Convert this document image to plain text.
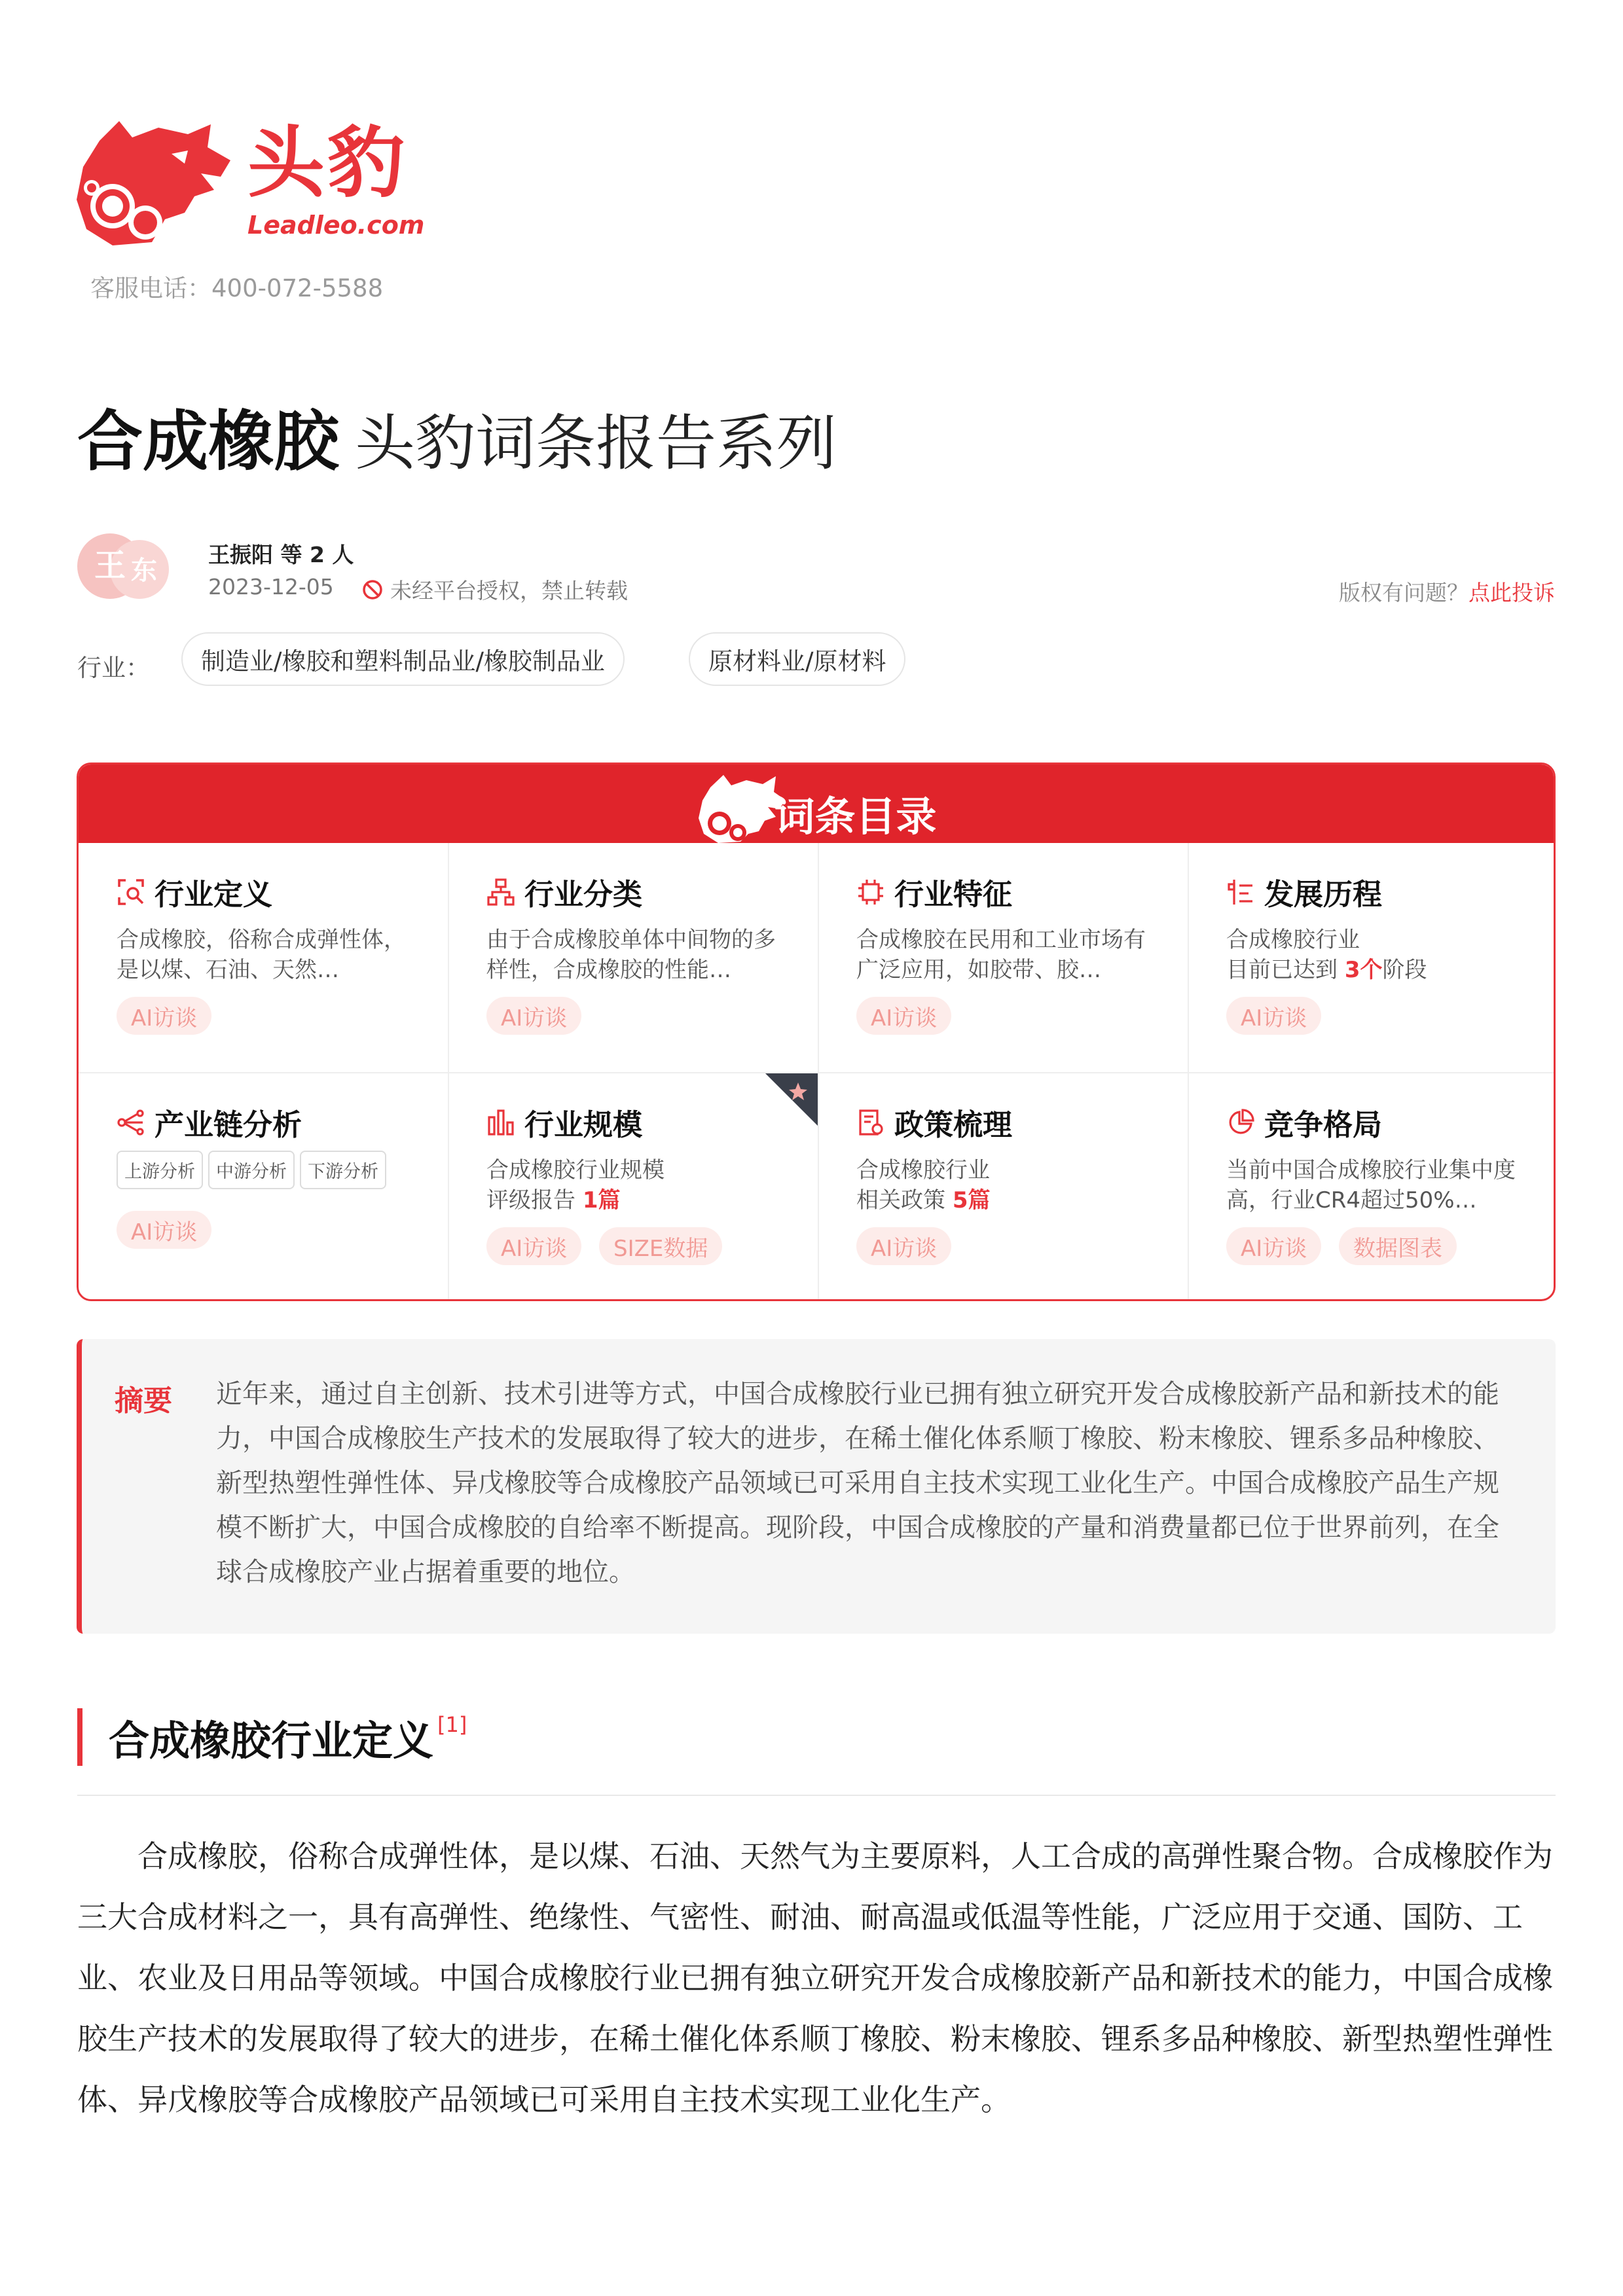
头豹
Leadleo.com
客服电话：400-072-5588
合成橡胶 头豹词条报告系列
王 东
王振阳 等 2 人
2023-12-05	未经平台授权，禁止转载	版权有问题？点此投诉
行业：	制造业/橡胶和塑料制品业/橡胶制品业	原材料业/原材料
词条目录
行业定义
合成橡胶，俗称合成弹性体，是以煤、石油、天然…
AI访谈
行业分类
由于合成橡胶单体中间物的多样性，合成橡胶的性能…
AI访谈
行业特征
合成橡胶在民用和工业市场有广泛应用，如胶带、胶…
AI访谈
发展历程
合成橡胶行业
目前已达到 3个阶段
AI访谈
产业链分析
上游分析	中游分析	下游分析
AI访谈
行业规模
合成橡胶行业规模
评级报告 1篇
AI访谈	SIZE数据
政策梳理
合成橡胶行业
相关政策 5篇
AI访谈
竞争格局
当前中国合成橡胶行业集中度高，行业CR4超过50%…
AI访谈	数据图表
摘要 近年来，通过自主创新、技术引进等方式，中国合成橡胶行业已拥有独立研究开发合成橡胶新产品和新技术的能力，中国合成橡胶生产技术的发展取得了较大的进步，在稀土催化体系顺丁橡胶、粉末橡胶、锂系多品种橡胶、新型热塑性弹性体、异戊橡胶等合成橡胶产品领域已可采用自主技术实现工业化生产。中国合成橡胶产品生产规模不断扩大，中国合成橡胶的自给率不断提高。现阶段，中国合成橡胶的产量和消费量都已位于世界前列，在全球合成橡胶产业占据着重要的地位。
合成橡胶行业定义[1]
合成橡胶，俗称合成弹性体，是以煤、石油、天然气为主要原料，人工合成的高弹性聚合物。合成橡胶作为三大合成材料之一，具有高弹性、绝缘性、气密性、耐油、耐高温或低温等性能，广泛应用于交通、国防、工业、农业及日用品等领域。中国合成橡胶行业已拥有独立研究开发合成橡胶新产品和新技术的能力，中国合成橡胶生产技术的发展取得了较大的进步，在稀土催化体系顺丁橡胶、粉末橡胶、锂系多品种橡胶、新型热塑性弹性体、异戊橡胶等合成橡胶产品领域已可采用自主技术实现工业化生产。
